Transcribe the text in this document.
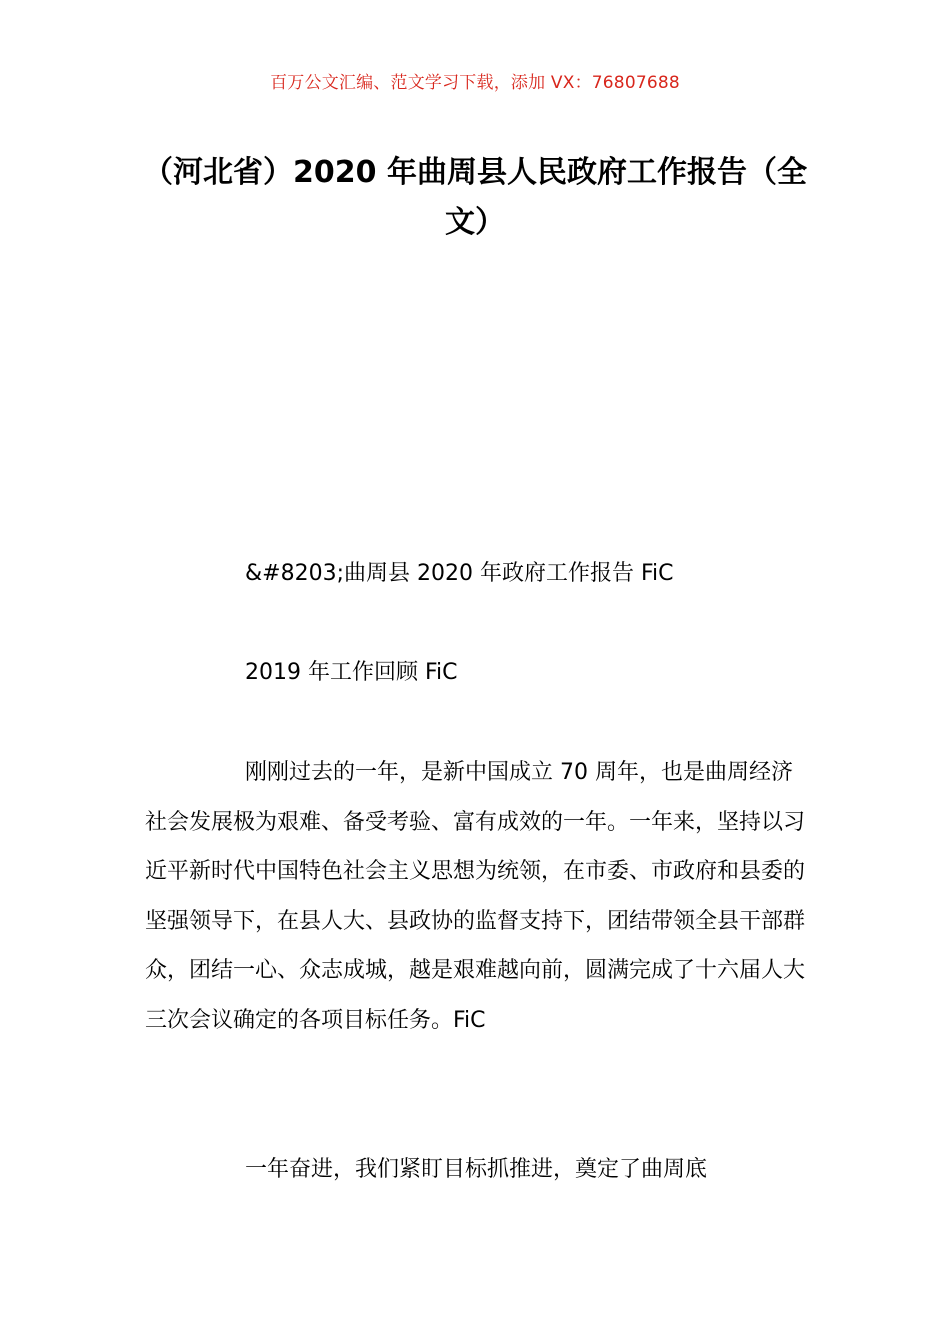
百万公文汇编、范文学习下载，添加 VX：76807688
（河北省）2020 年曲周县人民政府工作报告（全文）

&#8203;曲周县 2020 年政府工作报告 FiC

2019 年工作回顾 FiC

刚刚过去的一年，是新中国成立 70 周年，也是曲周经济社会发展极为艰难、备受考验、富有成效的一年。一年来，坚持以习近平新时代中国特色社会主义思想为统领，在市委、市政府和县委的坚强领导下，在县人大、县政协的监督支持下，团结带领全县干部群众，团结一心、众志成城，越是艰难越向前，圆满完成了十六届人大三次会议确定的各项目标任务。FiC

一年奋进，我们紧盯目标抓推进，奠定了曲周底
